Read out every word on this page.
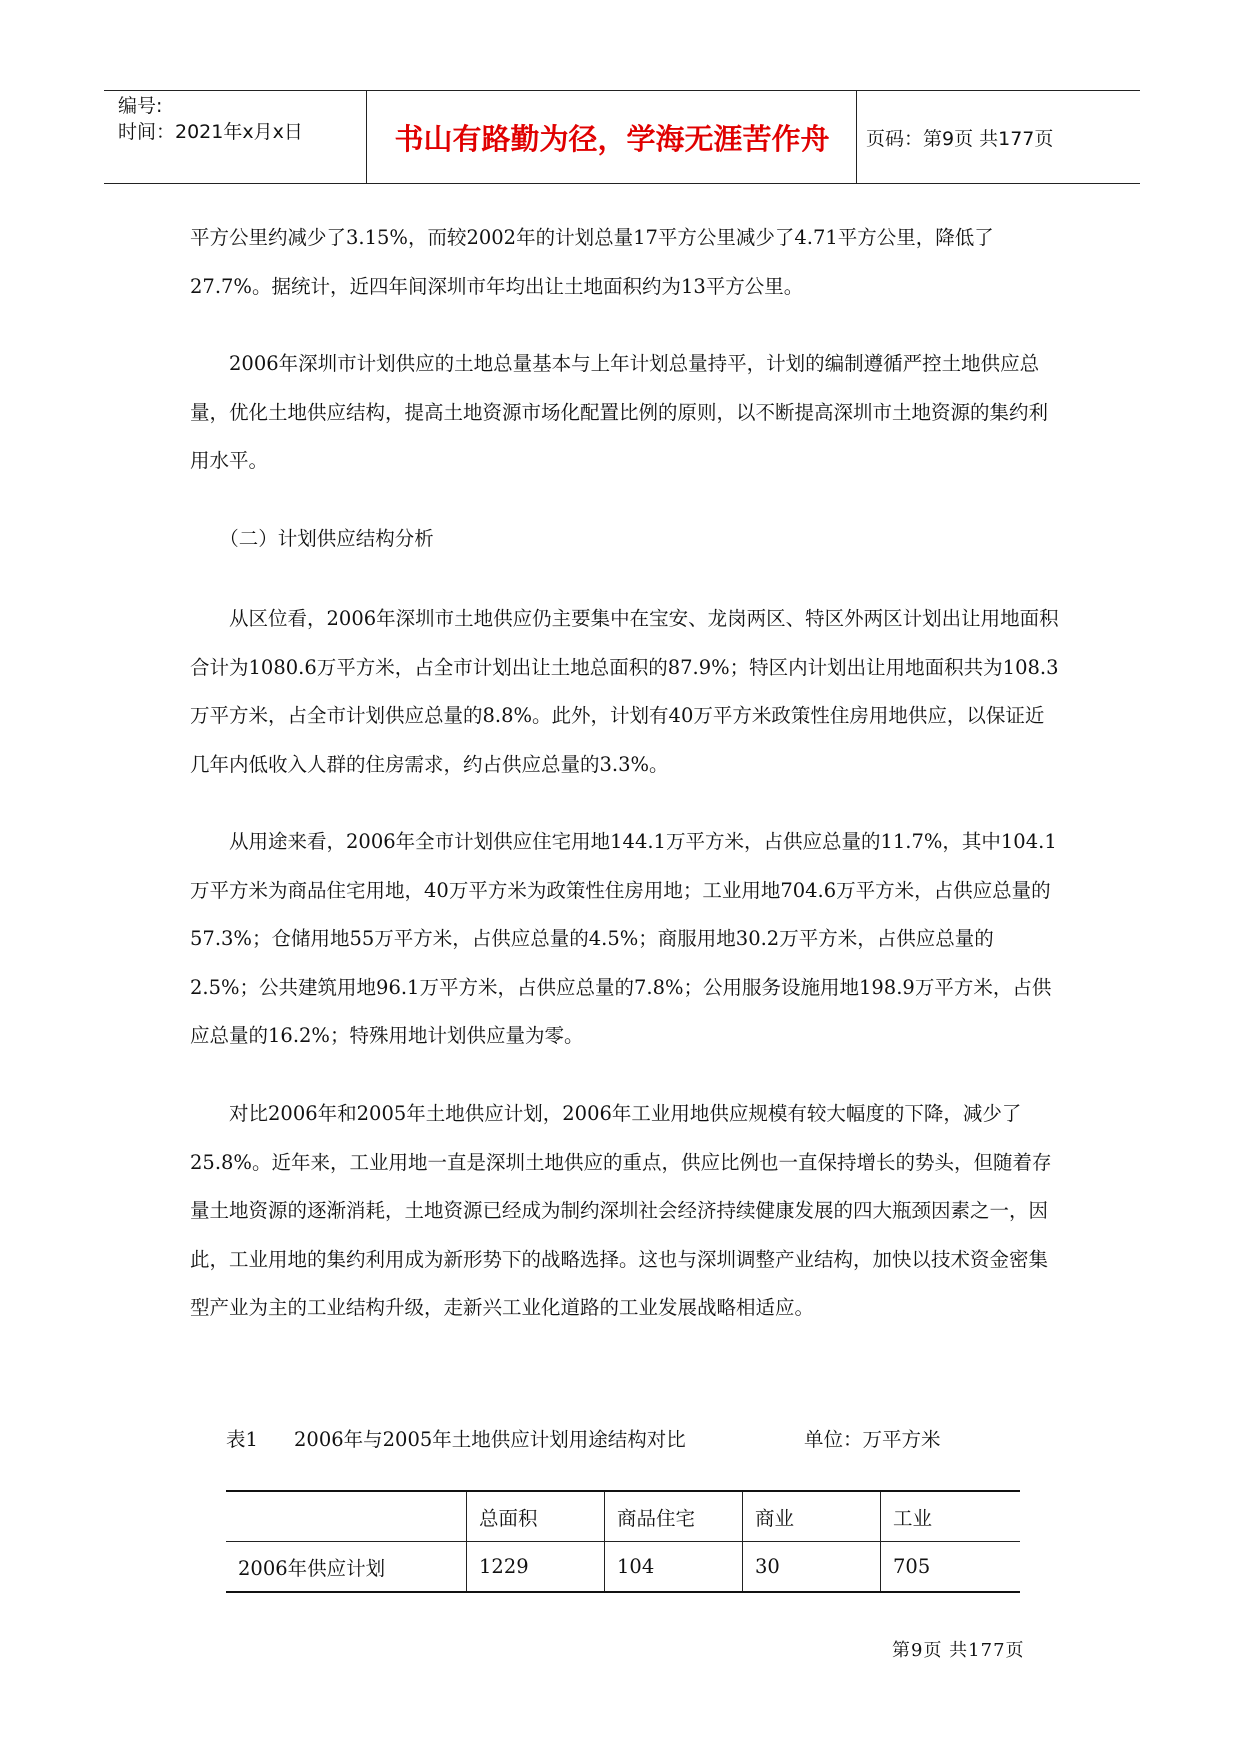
编号:
时间：2021年x月x日	书山有路勤为径，学海无涯苦作舟	页码：第9页 共177页
平方公里约减少了3.15%，而较2002年的计划总量17平方公里减少了4.71平方公里，降低了27.7%。据统计，近四年间深圳市年均出让土地面积约为13平方公里。
　　2006年深圳市计划供应的土地总量基本与上年计划总量持平，计划的编制遵循严控土地供应总量，优化土地供应结构，提高土地资源市场化配置比例的原则，以不断提高深圳市土地资源的集约利用水平。
　　（二）计划供应结构分析
　　从区位看，2006年深圳市土地供应仍主要集中在宝安、龙岗两区、特区外两区计划出让用地面积合计为1080.6万平方米，占全市计划出让土地总面积的87.9%；特区内计划出让用地面积共为108.3万平方米，占全市计划供应总量的8.8%。此外，计划有40万平方米政策性住房用地供应，以保证近几年内低收入人群的住房需求，约占供应总量的3.3%。
　　从用途来看，2006年全市计划供应住宅用地144.1万平方米，占供应总量的11.7%，其中104.1万平方米为商品住宅用地，40万平方米为政策性住房用地；工业用地704.6万平方米，占供应总量的57.3%；仓储用地55万平方米，占供应总量的4.5%；商服用地30.2万平方米，占供应总量的2.5%；公共建筑用地96.1万平方米，占供应总量的7.8%；公用服务设施用地198.9万平方米，占供应总量的16.2%；特殊用地计划供应量为零。
　　对比2006年和2005年土地供应计划，2006年工业用地供应规模有较大幅度的下降，减少了25.8%。近年来，工业用地一直是深圳土地供应的重点，供应比例也一直保持增长的势头，但随着存量土地资源的逐渐消耗，土地资源已经成为制约深圳社会经济持续健康发展的四大瓶颈因素之一，因此，工业用地的集约利用成为新形势下的战略选择。这也与深圳调整产业结构，加快以技术资金密集型产业为主的工业结构升级，走新兴工业化道路的工业发展战略相适应。
表1 2006年与2005年土地供应计划用途结构对比	单位：万平方米
	总面积	商品住宅	商业	工业
2006年供应计划	1229	104	30	705
第9页 共177页
